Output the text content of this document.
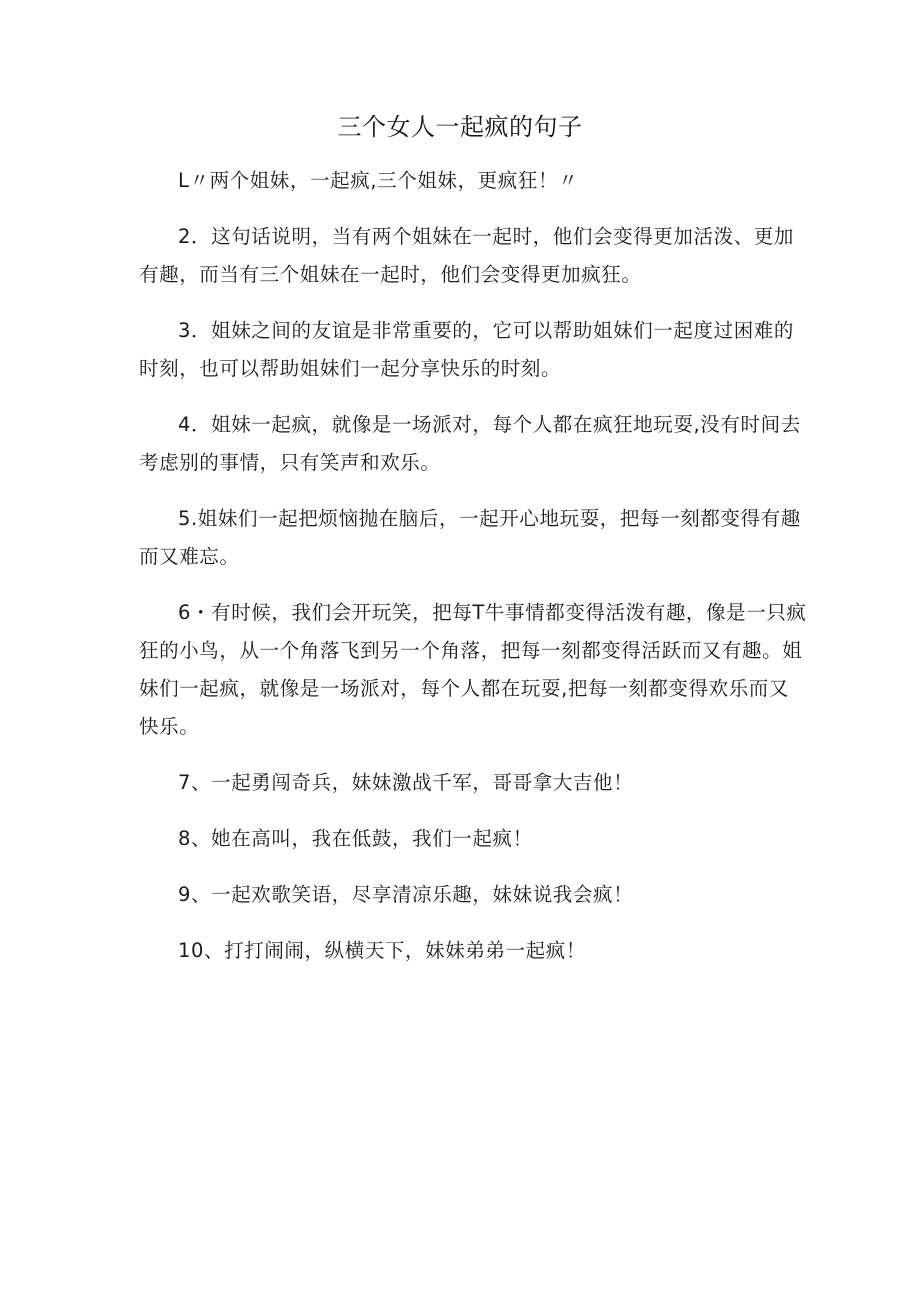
三个女人一起疯的句子

L〃两个姐妹，一起疯,三个姐妹，更疯狂！〃

2．这句话说明，当有两个姐妹在一起时，他们会变得更加活泼、更加有趣，而当有三个姐妹在一起时，他们会变得更加疯狂。

3．姐妹之间的友谊是非常重要的，它可以帮助姐妹们一起度过困难的时刻，也可以帮助姐妹们一起分享快乐的时刻。

4．姐妹一起疯，就像是一场派对，每个人都在疯狂地玩耍,没有时间去考虑别的事情，只有笑声和欢乐。

5.姐妹们一起把烦恼抛在脑后，一起开心地玩耍，把每一刻都变得有趣而又难忘。

6・有时候，我们会开玩笑，把每T牛事情都变得活泼有趣，像是一只疯狂的小鸟，从一个角落飞到另一个角落，把每一刻都变得活跃而又有趣。姐妹们一起疯，就像是一场派对，每个人都在玩耍,把每一刻都变得欢乐而又快乐。

7、一起勇闯奇兵，妹妹激战千军，哥哥拿大吉他！

8、她在高叫，我在低鼓，我们一起疯！

9、一起欢歌笑语，尽享清凉乐趣，妹妹说我会疯！

10、打打闹闹，纵横天下，妹妹弟弟一起疯！
